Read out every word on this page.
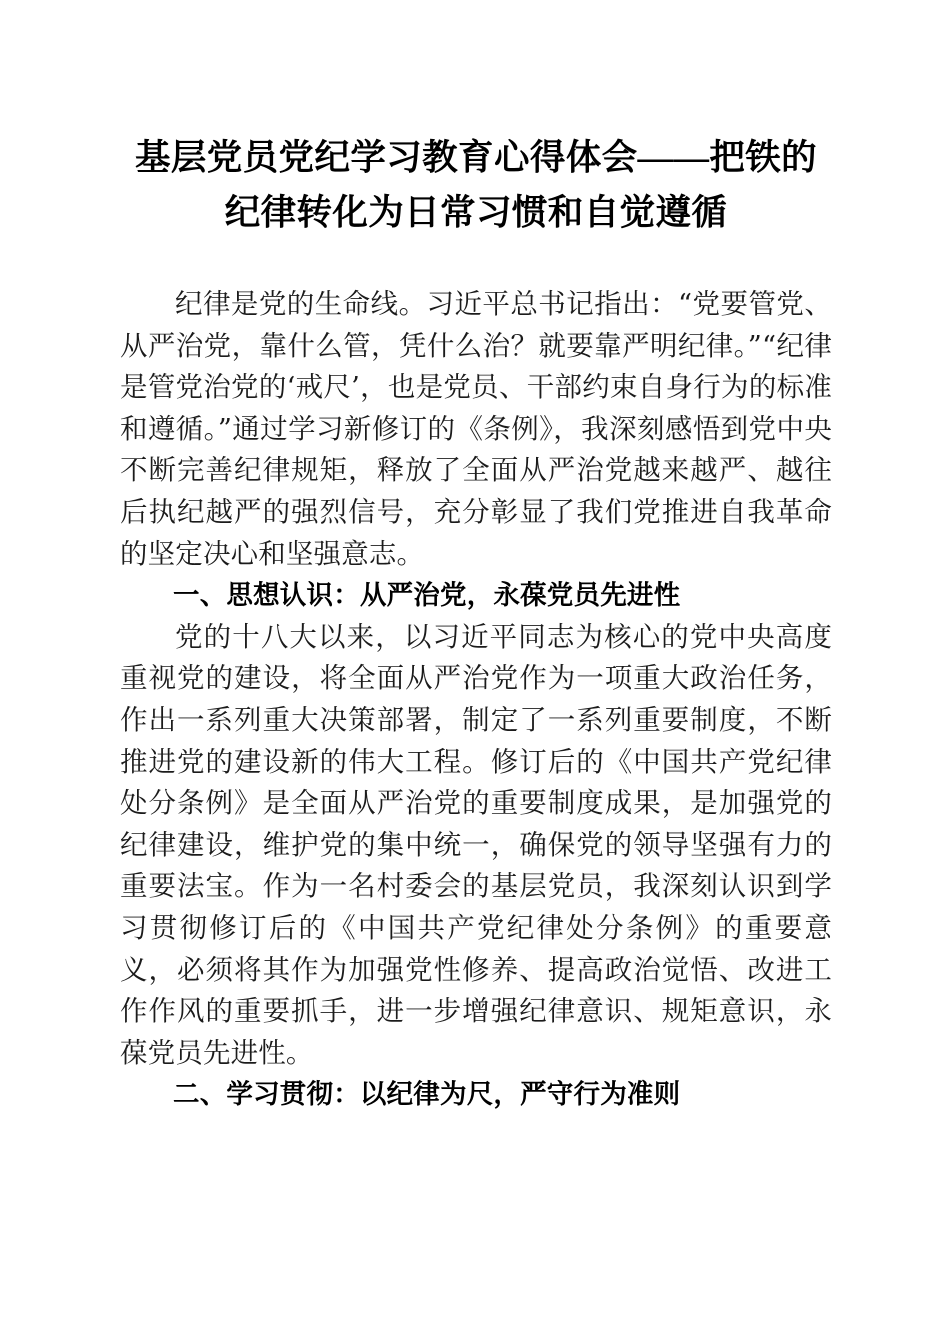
基层党员党纪学习教育心得体会——把铁的纪律转化为日常习惯和自觉遵循

纪律是党的生命线。习近平总书记指出：“党要管党、从严治党，靠什么管，凭什么治？就要靠严明纪律。”“纪律是管党治党的‘戒尺’，也是党员、干部约束自身行为的标准和遵循。”通过学习新修订的《条例》，我深刻感悟到党中央不断完善纪律规矩，释放了全面从严治党越来越严、越往后执纪越严的强烈信号，充分彰显了我们党推进自我革命的坚定决心和坚强意志。

一、思想认识：从严治党，永葆党员先进性

党的十八大以来，以习近平同志为核心的党中央高度重视党的建设，将全面从严治党作为一项重大政治任务，作出一系列重大决策部署，制定了一系列重要制度，不断推进党的建设新的伟大工程。修订后的《中国共产党纪律处分条例》是全面从严治党的重要制度成果，是加强党的纪律建设，维护党的集中统一，确保党的领导坚强有力的重要法宝。作为一名村委会的基层党员，我深刻认识到学习贯彻修订后的《中国共产党纪律处分条例》的重要意义，必须将其作为加强党性修养、提高政治觉悟、改进工作作风的重要抓手，进一步增强纪律意识、规矩意识，永葆党员先进性。

二、学习贯彻：以纪律为尺，严守行为准则
